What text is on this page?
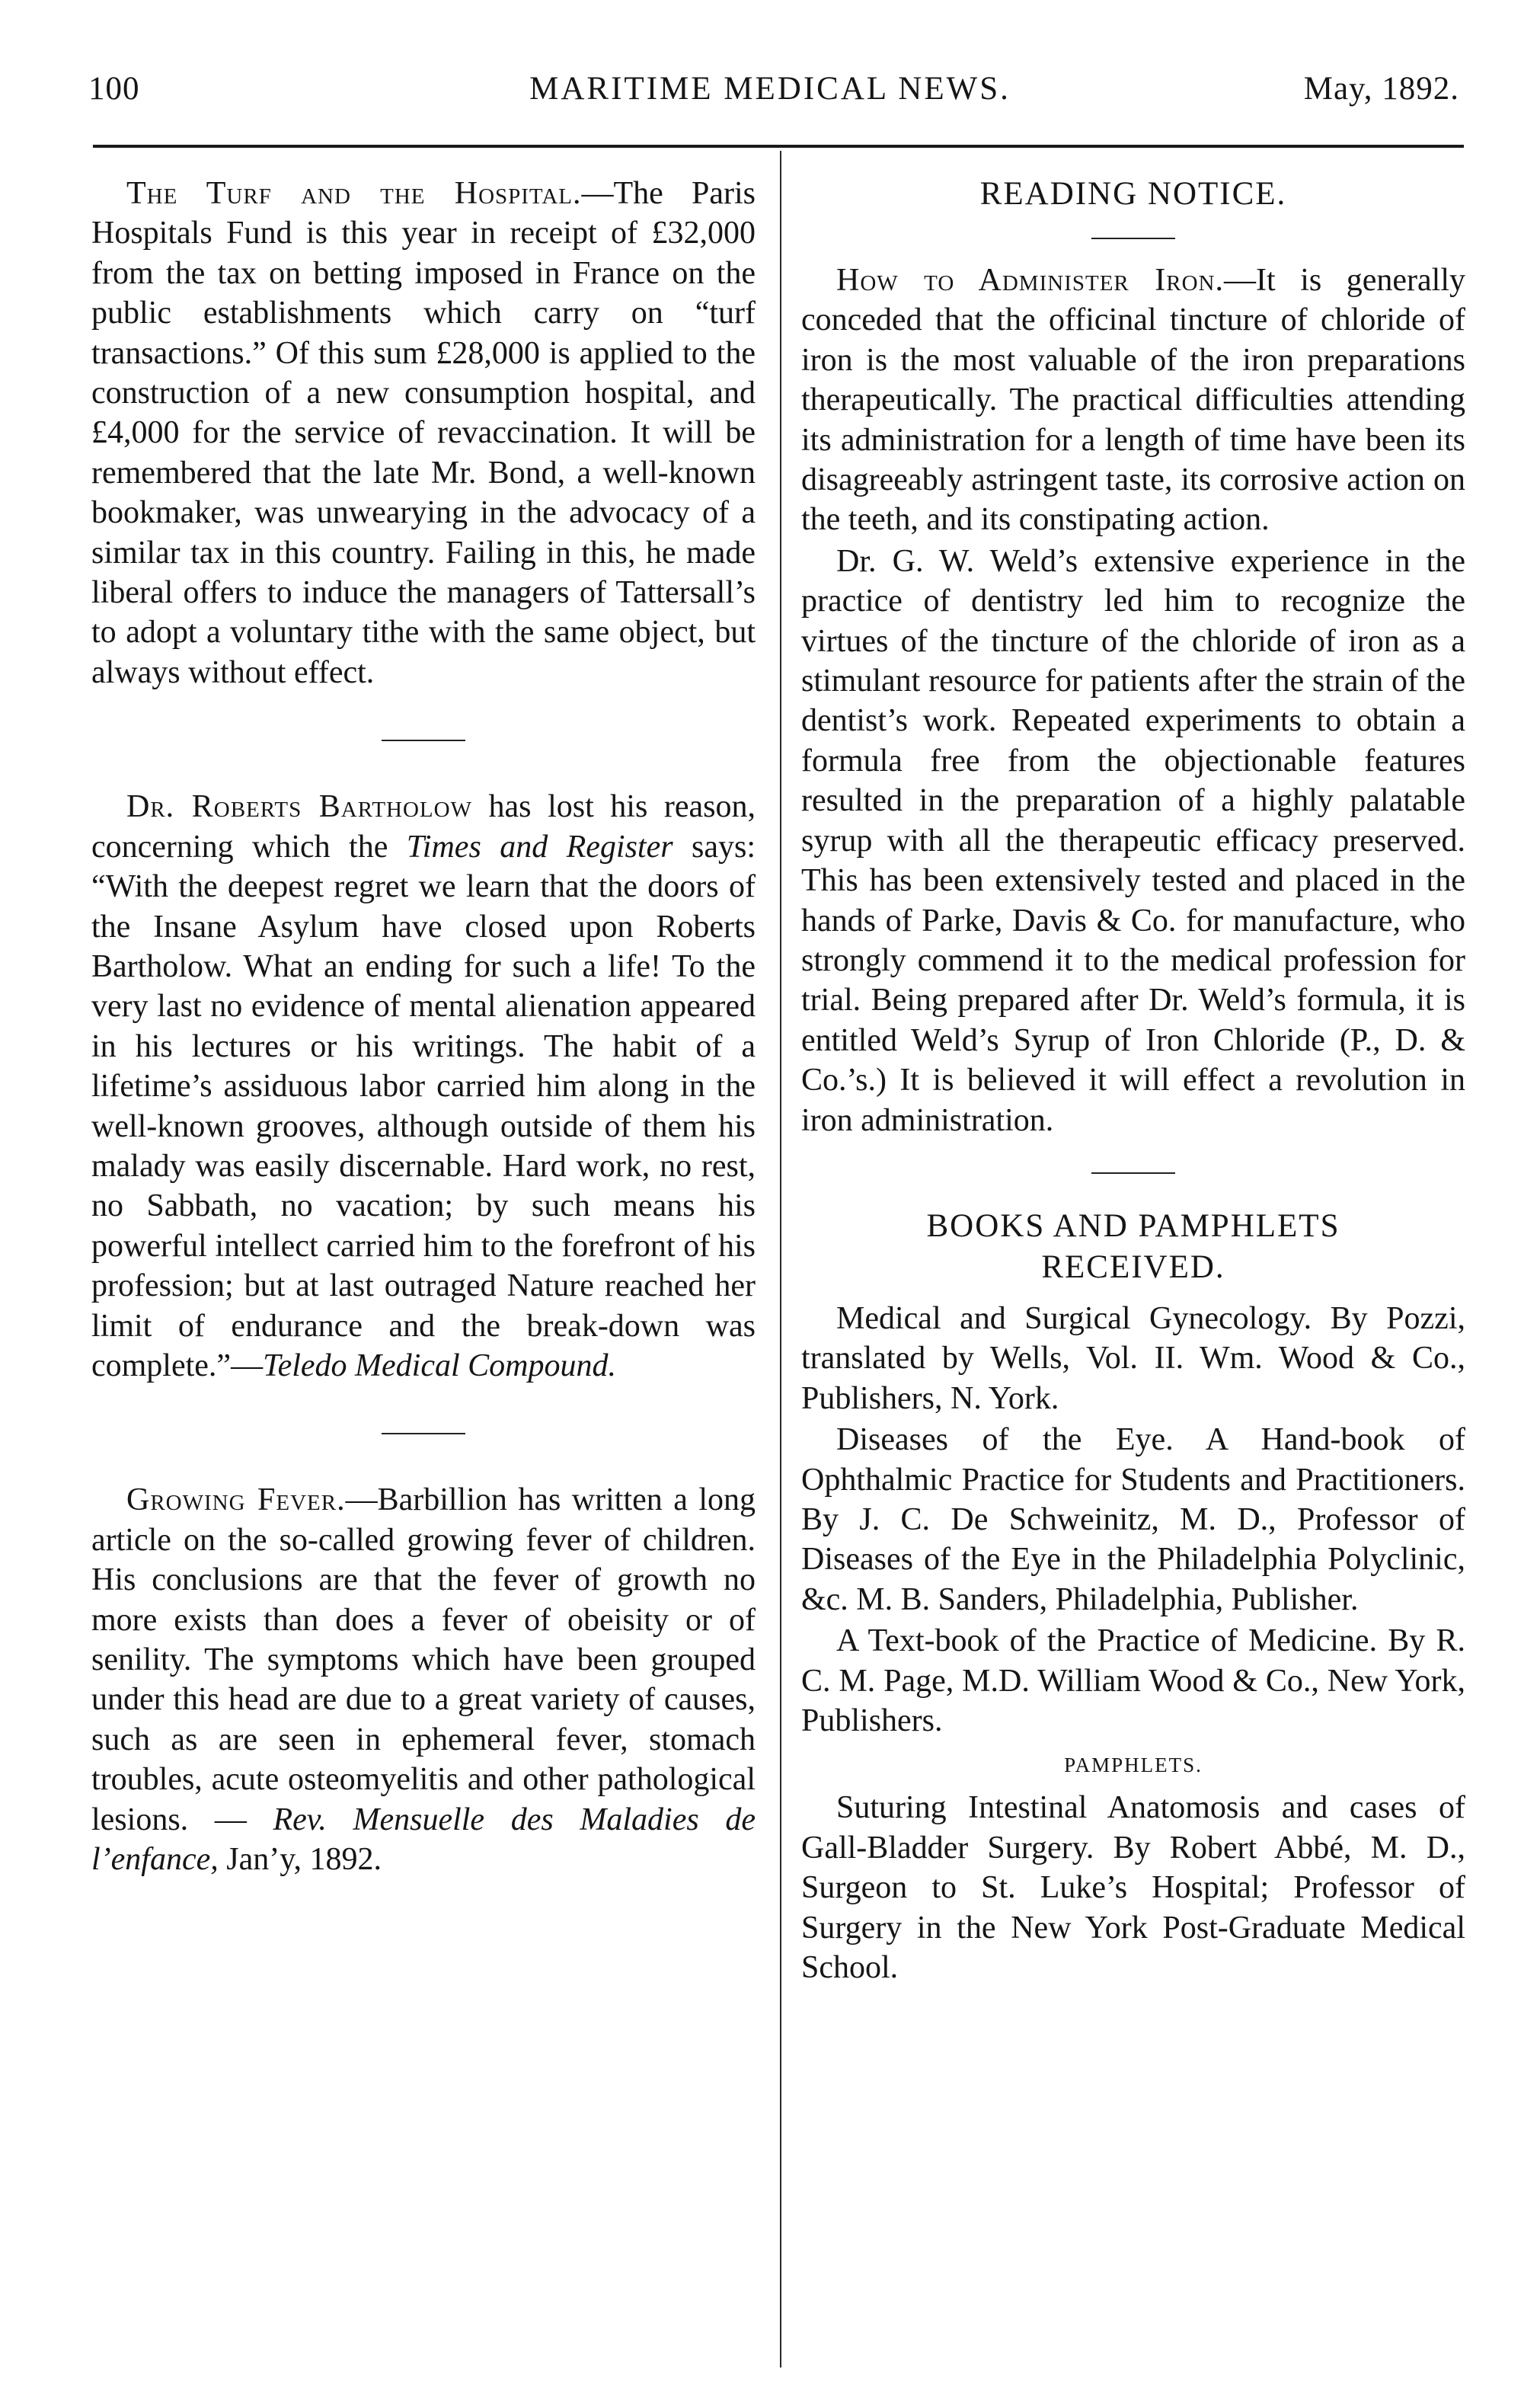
100	MARITIME MEDICAL NEWS.	May, 1892.

The Turf and the Hospital.—The Paris Hospitals Fund is this year in receipt of £32,000 from the tax on betting imposed in France on the public establishments which carry on “turf transactions.” Of this sum £28,000 is applied to the construction of a new consumption hospital, and £4,000 for the service of revaccination. It will be remembered that the late Mr. Bond, a well-known bookmaker, was unwearying in the advocacy of a similar tax in this country. Failing in this, he made liberal offers to induce the managers of Tattersall’s to adopt a voluntary tithe with the same object, but always without effect.

Dr. Roberts Bartholow has lost his reason, concerning which the Times and Register says: “With the deepest regret we learn that the doors of the Insane Asylum have closed upon Roberts Bartholow. What an ending for such a life! To the very last no evidence of mental alienation appeared in his lectures or his writings. The habit of a lifetime’s assiduous labor carried him along in the well-known grooves, although outside of them his malady was easily discernable. Hard work, no rest, no Sabbath, no vacation; by such means his powerful intellect carried him to the forefront of his profession; but at last outraged Nature reached her limit of endurance and the break-down was complete.”—Teledo Medical Compound.

Growing Fever.—Barbillion has written a long article on the so-called growing fever of children. His conclusions are that the fever of growth no more exists than does a fever of obeisity or of senility. The symptoms which have been grouped under this head are due to a great variety of causes, such as are seen in ephemeral fever, stomach troubles, acute osteomyelitis and other pathological lesions. — Rev. Mensuelle des Maladies de l’enfance, Jan’y, 1892.

READING NOTICE.

How to Administer Iron.—It is generally conceded that the officinal tincture of chloride of iron is the most valuable of the iron preparations therapeutically. The practical difficulties attending its administration for a length of time have been its disagreeably astringent taste, its corrosive action on the teeth, and its constipating action.

Dr. G. W. Weld’s extensive experience in the practice of dentistry led him to recognize the virtues of the tincture of the chloride of iron as a stimulant resource for patients after the strain of the dentist’s work. Repeated experiments to obtain a formula free from the objectionable features resulted in the preparation of a highly palatable syrup with all the therapeutic efficacy preserved. This has been extensively tested and placed in the hands of Parke, Davis & Co. for manufacture, who strongly commend it to the medical profession for trial. Being prepared after Dr. Weld’s formula, it is entitled Weld’s Syrup of Iron Chloride (P., D. & Co.’s.) It is believed it will effect a revolution in iron administration.

BOOKS AND PAMPHLETS
RECEIVED.

Medical and Surgical Gynecology. By Pozzi, translated by Wells, Vol. II. Wm. Wood & Co., Publishers, N. York.

Diseases of the Eye. A Hand-book of Ophthalmic Practice for Students and Practitioners. By J. C. De Schweinitz, M. D., Professor of Diseases of the Eye in the Philadelphia Polyclinic, &c. M. B. Sanders, Philadelphia, Publisher.

A Text-book of the Practice of Medicine. By R. C. M. Page, M.D. William Wood & Co., New York, Publishers.

PAMPHLETS.

Suturing Intestinal Anatomosis and cases of Gall-Bladder Surgery. By Robert Abbé, M. D., Surgeon to St. Luke’s Hospital; Professor of Surgery in the New York Post-Graduate Medical School.
